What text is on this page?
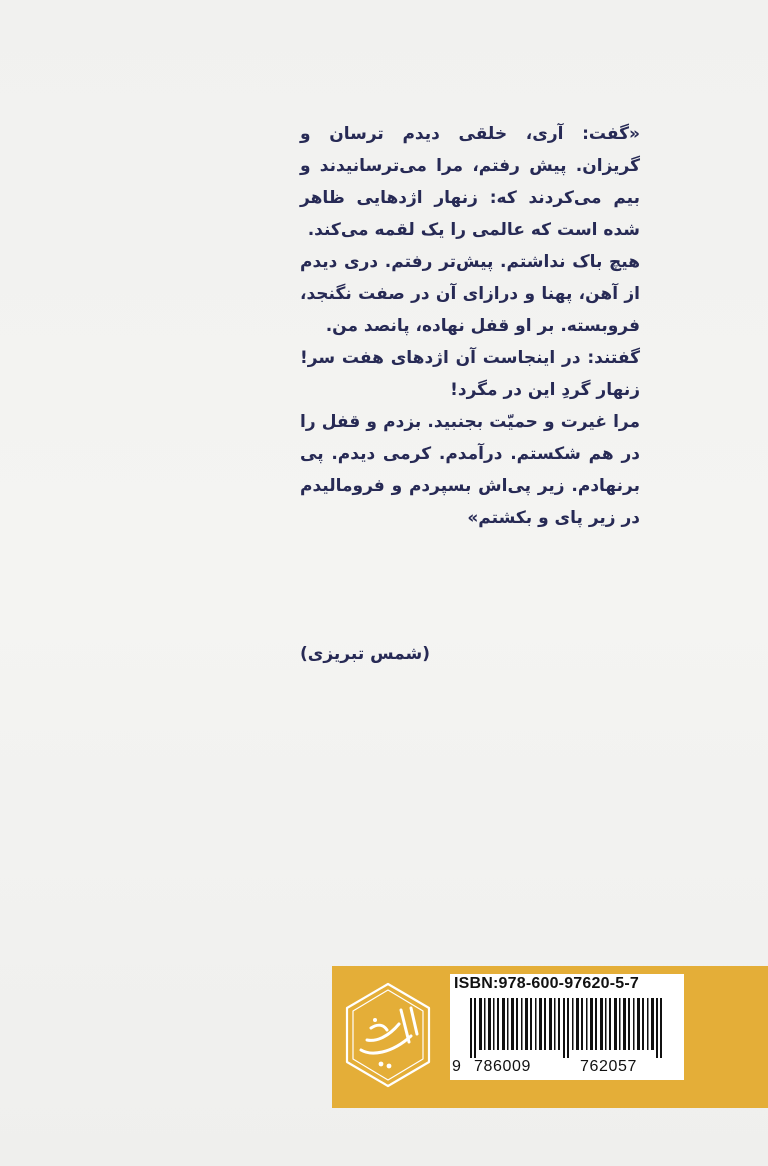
«گفت: آری، خلقی دیدم ترسان و گریزان. پیش رفتم، مرا می‌ترسانیدند و بیم می‌کردند که: زنهار اژدهایی ظاهر شده است که عالمی را یک لقمه می‌کند.

هیچ باک نداشتم. پیش‌تر رفتم. دری دیدم از آهن، پهنا و درازای آن در صفت نگنجد، فروبسته. بر او قفل نهاده، پانصد من.

گفتند: در اینجاست آن اژدهای هفت سر! زنهار گردِ این در مگرد!

مرا غیرت و حمیّت بجنبید. بزدم و قفل را در هم شکستم. درآمدم. کرمی دیدم. پی برنهادم. زیر پی‌اش بسپردم و فرومالیدم در زیر پای و بکشتم»

(شمس تبریزی)
کتاب بهنود
ISBN:978-600-97620-5-7
9 786009	762057
